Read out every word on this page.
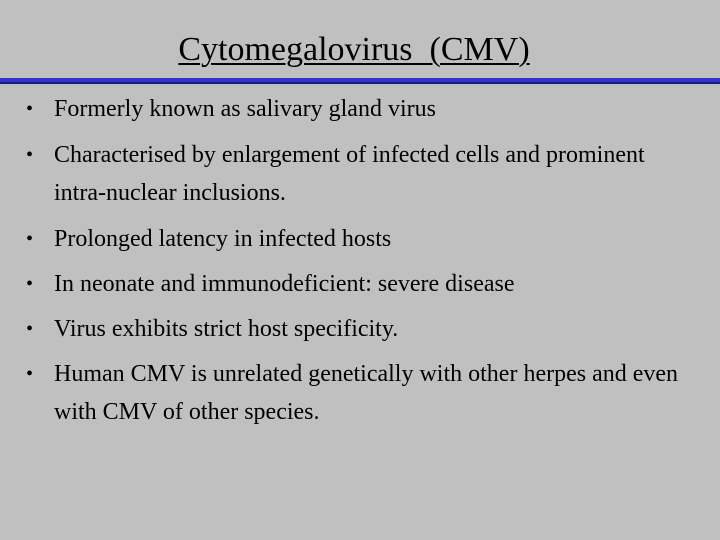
Cytomegalovirus  (CMV)
• Formerly known as salivary gland virus
• Characterised by enlargement of infected cells and prominent intra-nuclear inclusions.
• Prolonged latency in infected hosts
• In neonate and immunodeficient: severe disease
• Virus exhibits strict host specificity.
• Human CMV is unrelated genetically with other herpes and even with CMV of other species.
